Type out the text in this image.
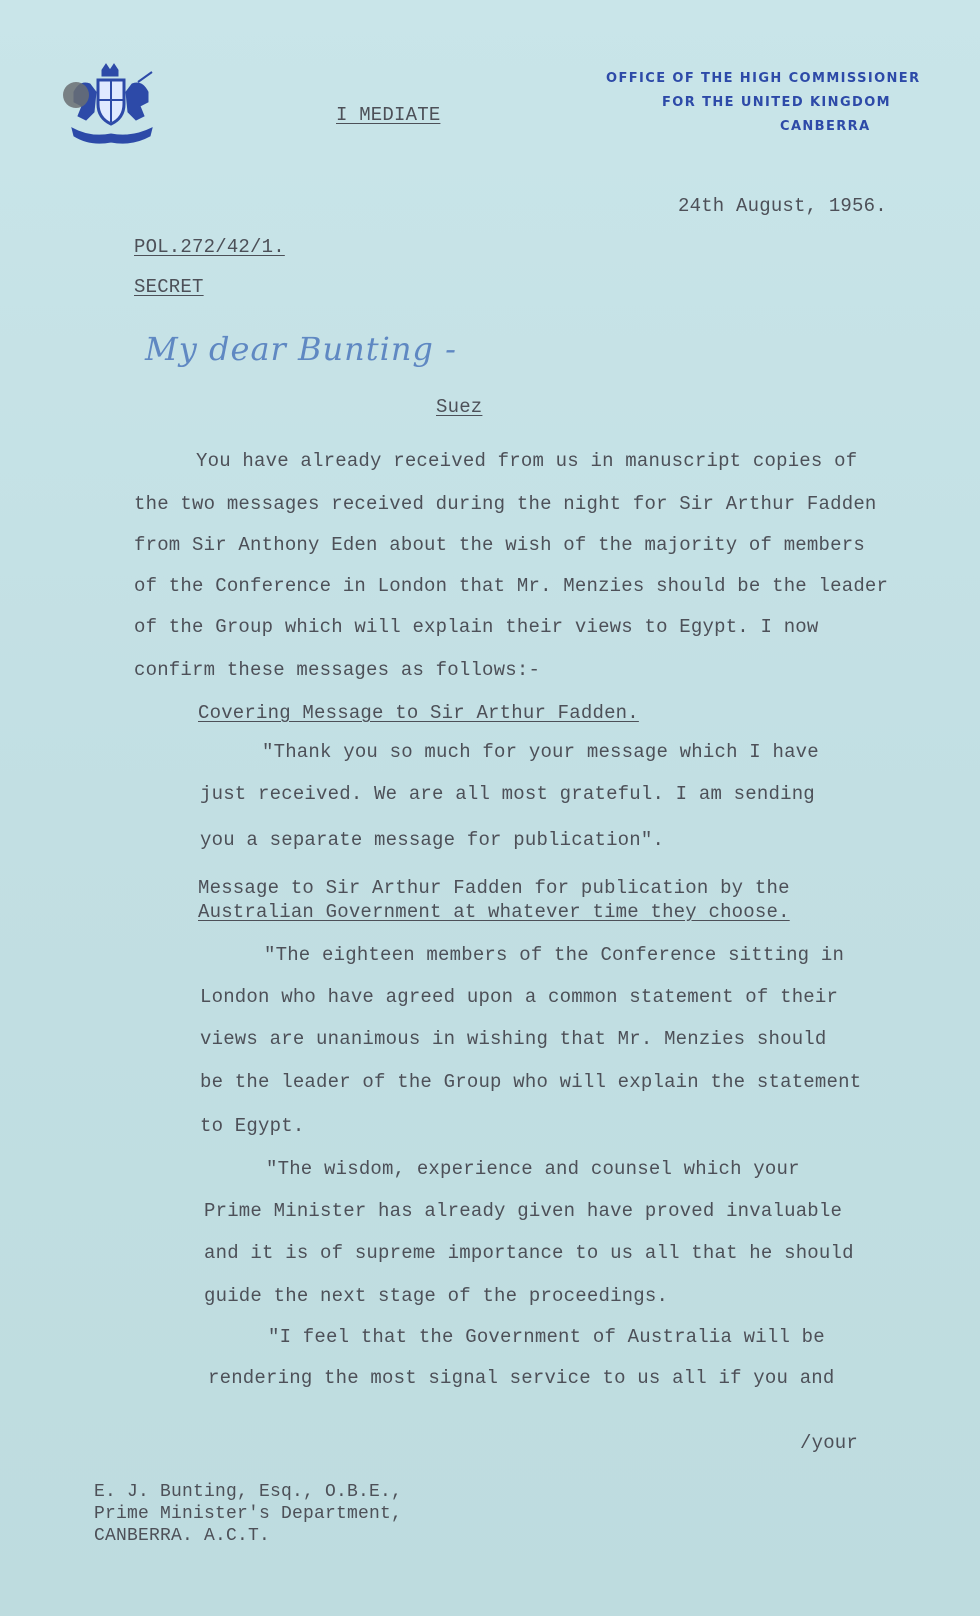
I MEDIATE
OFFICE OF THE HIGH COMMISSIONER
FOR THE UNITED KINGDOM
CANBERRA
24th August, 1956.
POL.272/42/1.
SECRET
My dear Bunting -
Suez
You have already received from us in manuscript copies of
the two messages received during the night for Sir Arthur Fadden
from Sir Anthony Eden about the wish of the majority of members
of the Conference in London that Mr. Menzies should be the leader
of the Group which will explain their views to Egypt. I now
confirm these messages as follows:-
Covering Message to Sir Arthur Fadden.
"Thank you so much for your message which I have
just received. We are all most grateful. I am sending
you a separate message for publication".
Message to Sir Arthur Fadden for publication by the
Australian Government at whatever time they choose.
"The eighteen members of the Conference sitting in
London who have agreed upon a common statement of their
views are unanimous in wishing that Mr. Menzies should
be the leader of the Group who will explain the statement
to Egypt.
"The wisdom, experience and counsel which your
Prime Minister has already given have proved invaluable
and it is of supreme importance to us all that he should
guide the next stage of the proceedings.
"I feel that the Government of Australia will be
rendering the most signal service to us all if you and
/your
E. J. Bunting, Esq., O.B.E.,
Prime Minister's Department,
CANBERRA. A.C.T.
